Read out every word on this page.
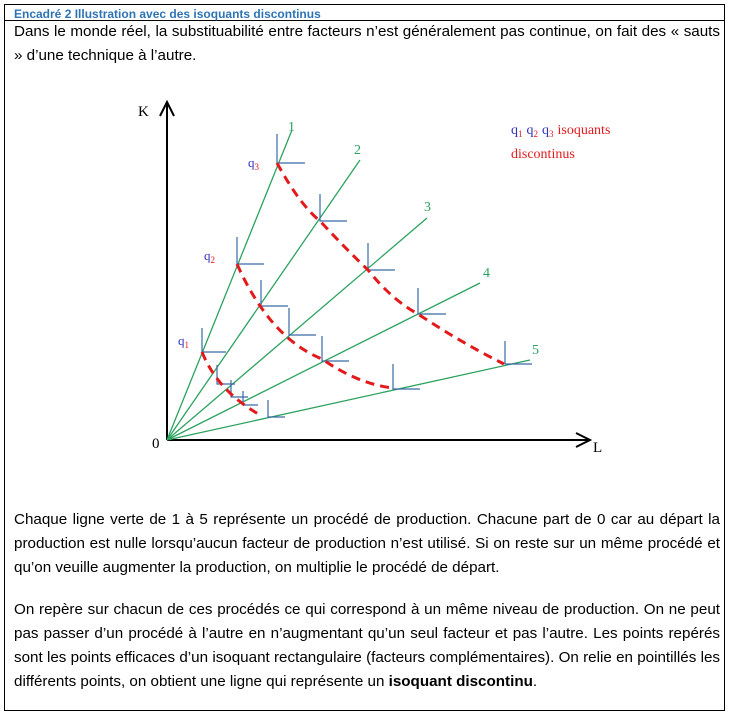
Encadré 2 Illustration avec des isoquants discontinus
Dans le monde réel, la substituabilité entre facteurs n’est généralement pas continue, on fait des « sauts » d’une technique à l’autre.
K
L
0
1
2
3
4
5
$q_1$
$q_2$
$q_3$
$q_1$ $q_2$ $q_3$ isoquants
discontinus
Chaque ligne verte de 1 à 5 représente un procédé de production. Chacune part de 0 car au départ la production est nulle lorsqu’aucun facteur de production n’est utilisé. Si on reste sur un même procédé et qu’on veuille augmenter la production, on multiplie le procédé de départ.
On repère sur chacun de ces procédés ce qui correspond à un même niveau de production. On ne peut pas passer d’un procédé à l’autre en n’augmentant qu’un seul facteur et pas l’autre. Les points repérés sont les points efficaces d’un isoquant rectangulaire (facteurs complémentaires). On relie en pointillés les différents points, on obtient une ligne qui représente un isoquant discontinu.
